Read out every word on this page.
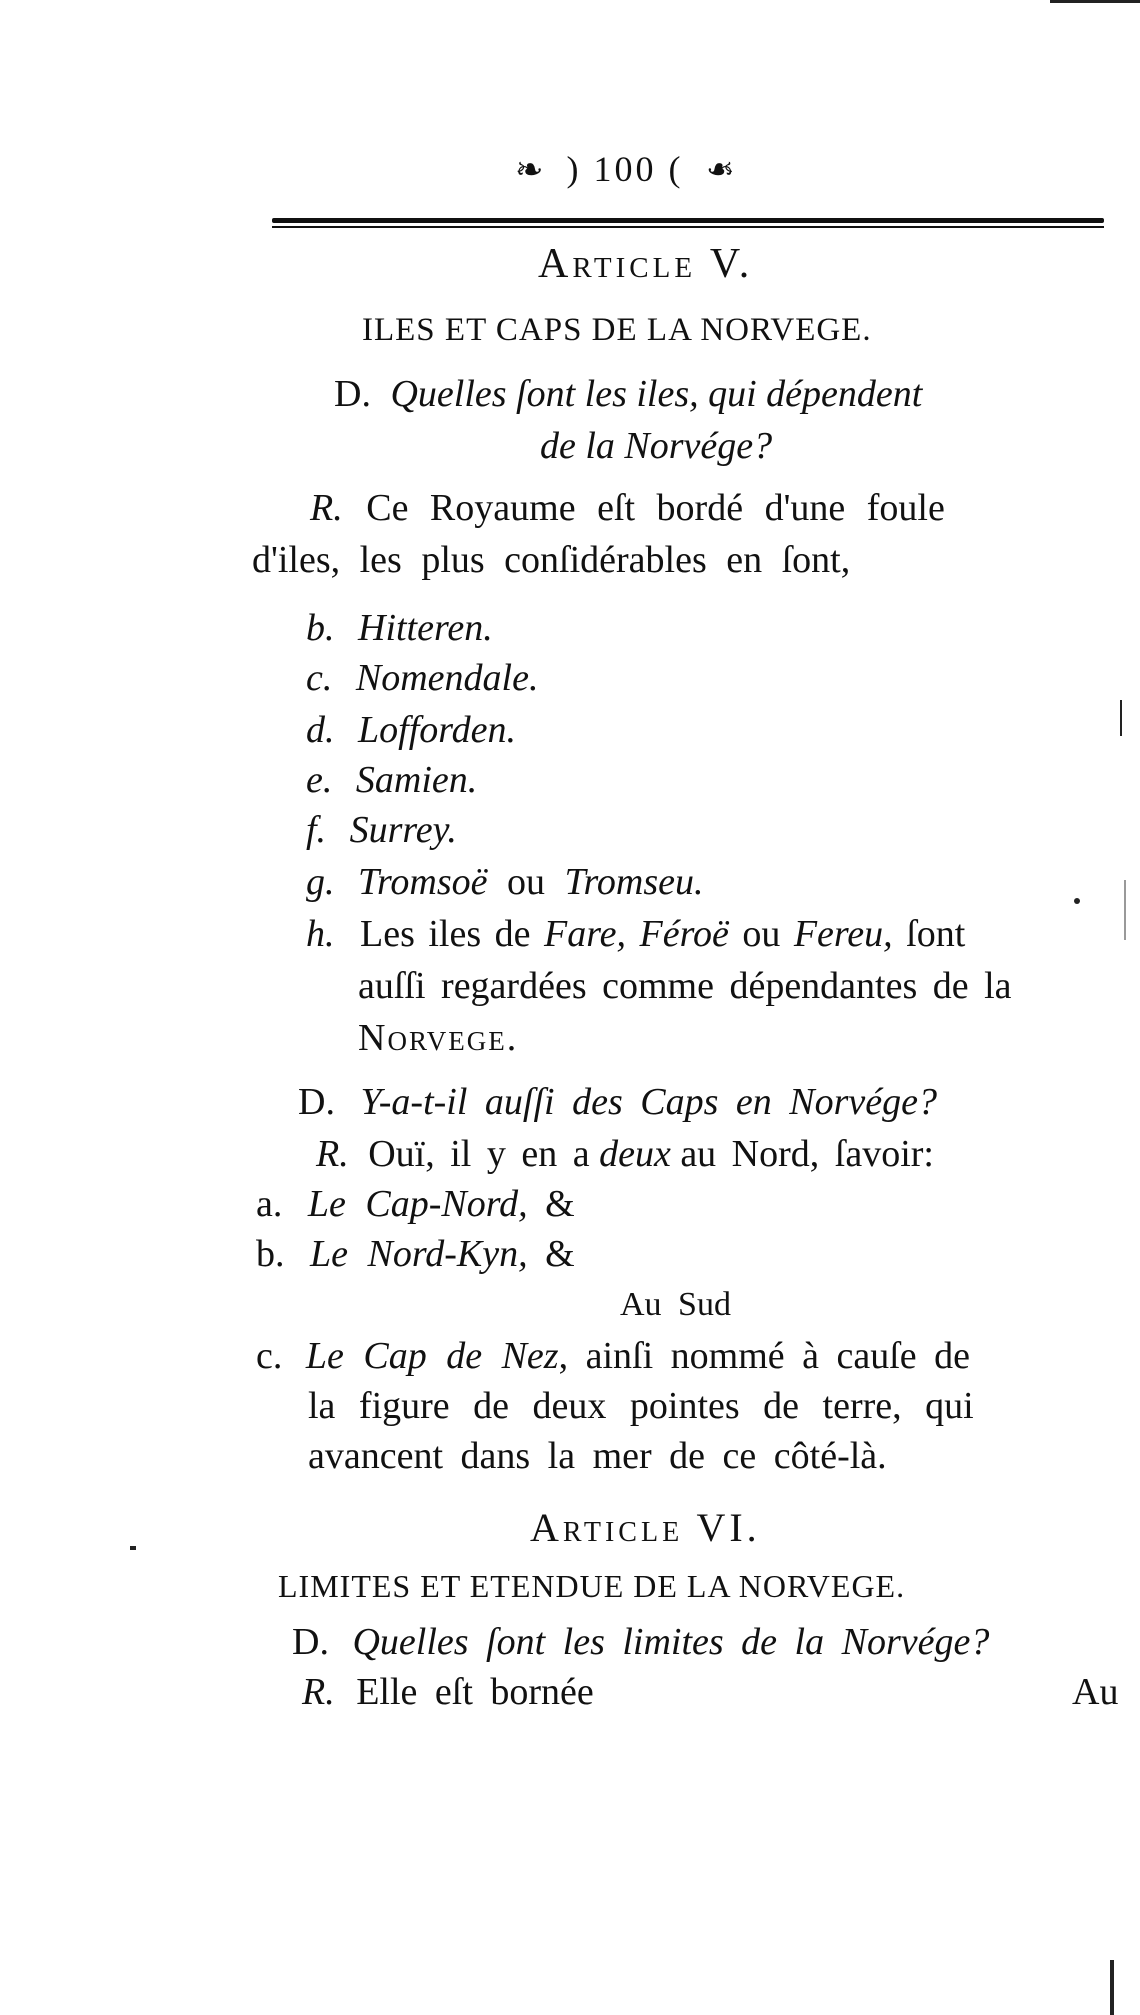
❧ ) 100 ( ❧
Article V.
ILES ET CAPS DE LA NORVEGE.
D. Quelles ſont les iles, qui dépendent
de la Norvége?
R. Ce Royaume eſt bordé d'une foule
d'iles, les plus conſidérables en ſont,
b. Hitteren.
c. Nomendale.
d. Lofforden.
e. Samien.
f. Surrey.
g. Tromsoë ou Tromseu.
h. Les iles de Fare, Féroë ou Fereu, ſont
auſſi regardées comme dépendantes de la
Norvege.
D. Y-a-t-il auſſi des Caps en Norvége?
R. Ouï, il y en a deux au Nord, ſavoir:
a. Le Cap-Nord, &
b. Le Nord-Kyn, &
Au Sud
c. Le Cap de Nez, ainſi nommé à cauſe de
la figure de deux pointes de terre, qui
avancent dans la mer de ce côté-là.
Article VI.
LIMITES ET ETENDUE DE LA NORVEGE.
D. Quelles ſont les limites de la Norvége?
R. Elle eſt bornée	Au
